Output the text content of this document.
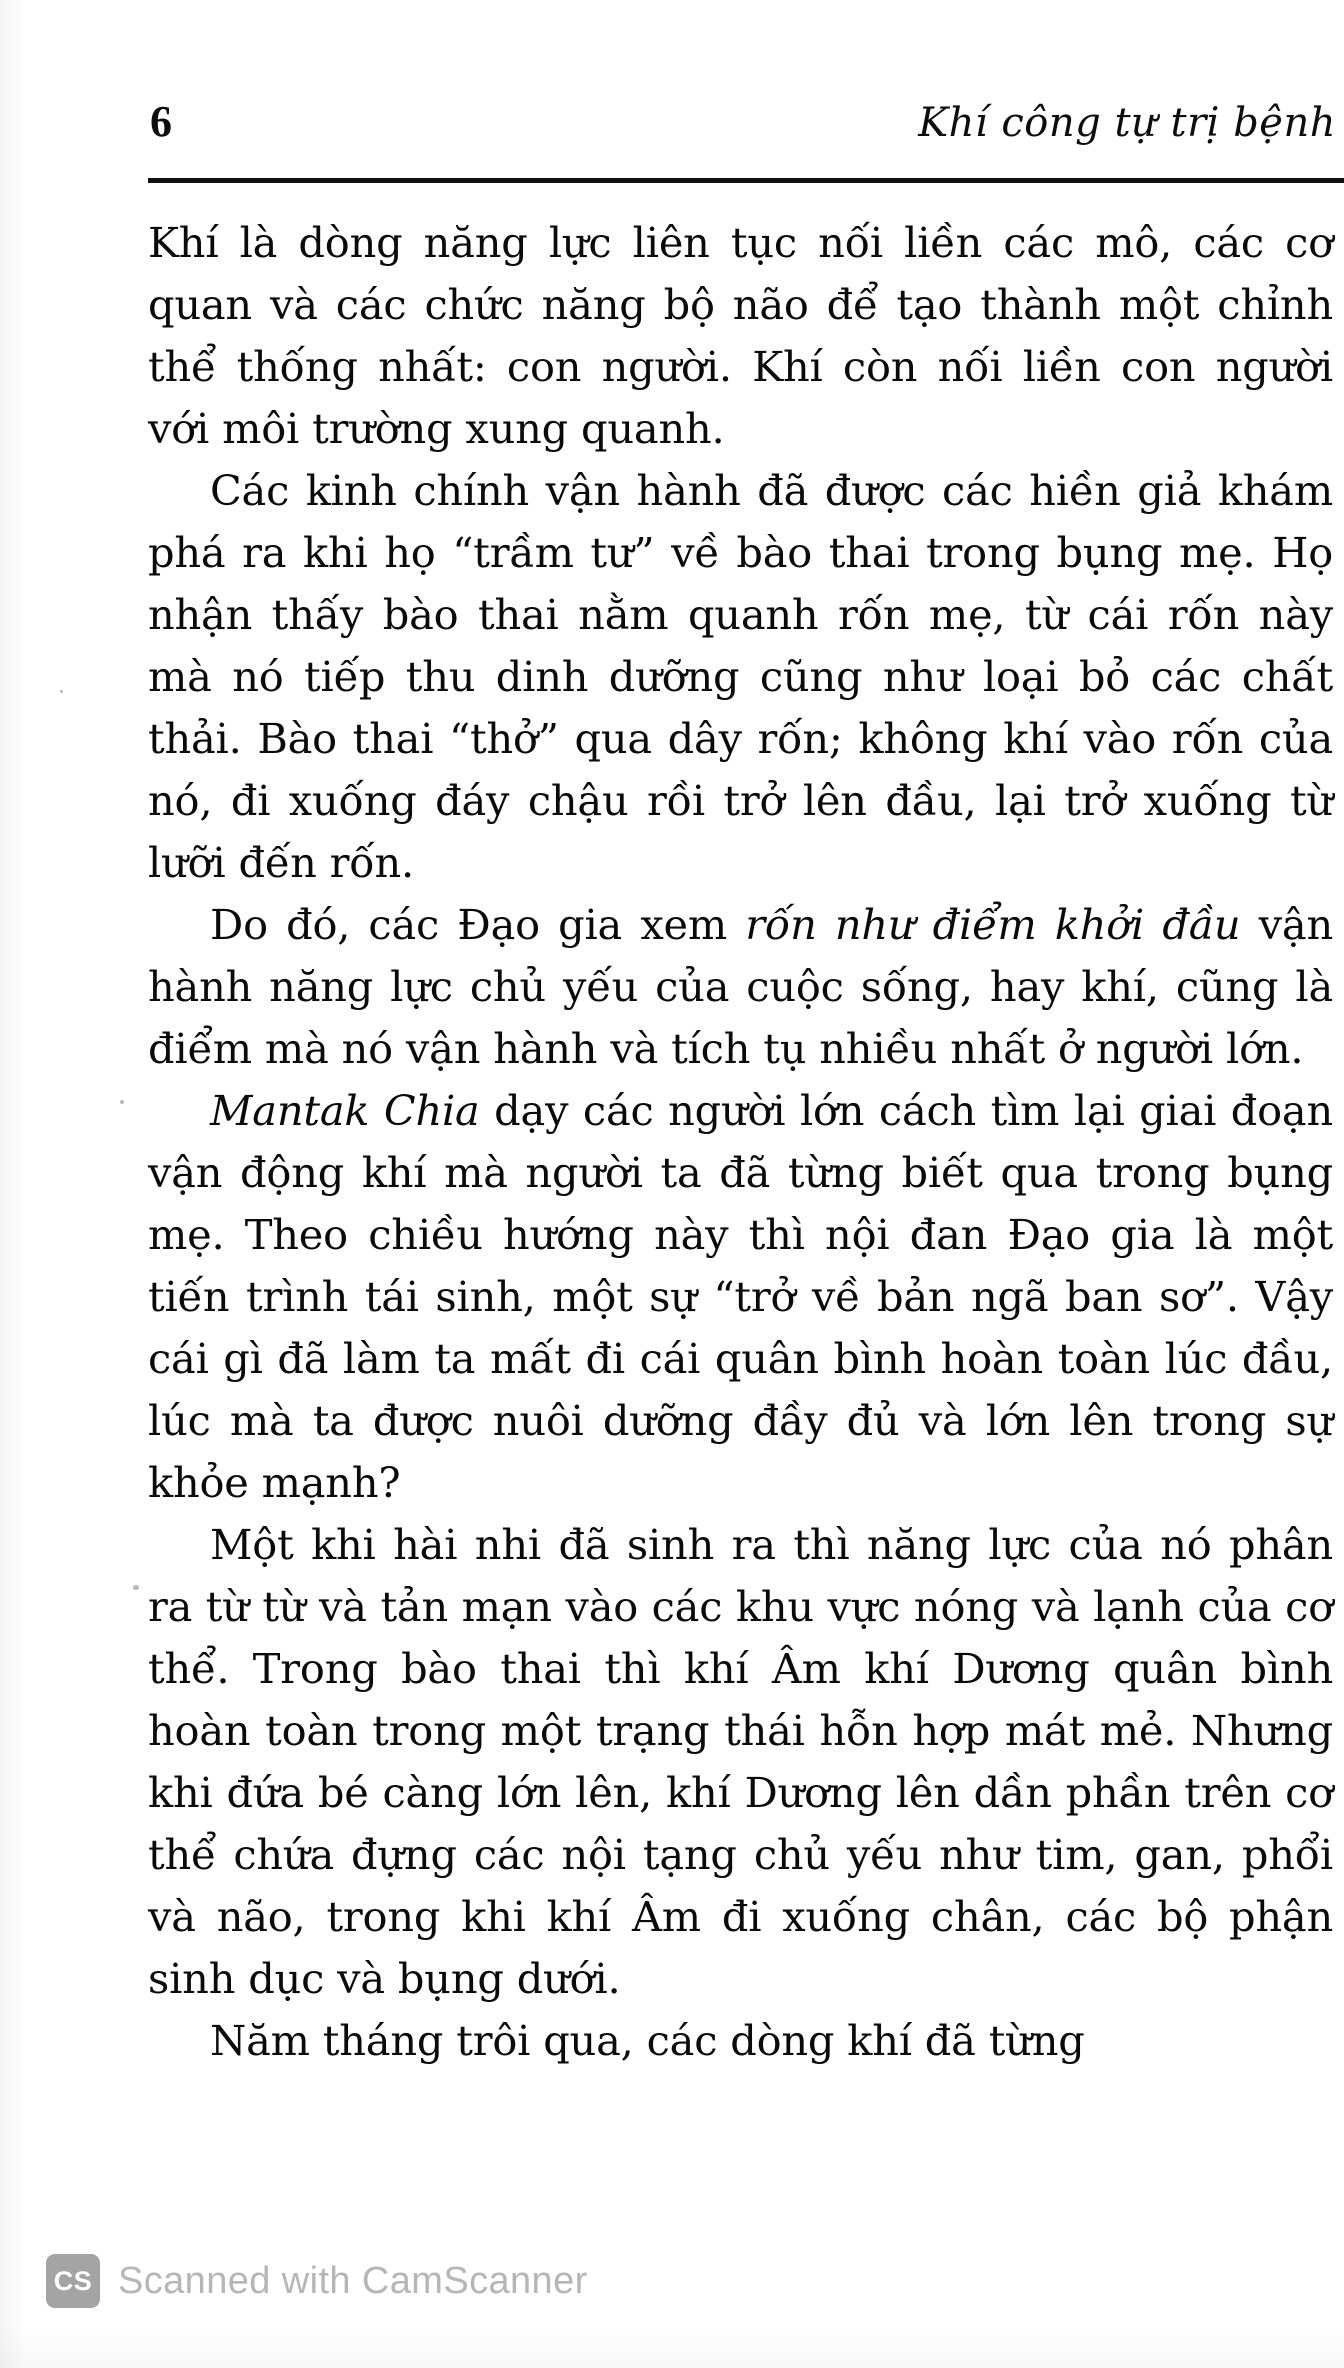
6	Khí công tự trị bệnh

Khí là dòng năng lực liên tục nối liền các mô, các cơ quan và các chức năng bộ não để tạo thành một chỉnh thể thống nhất: con người. Khí còn nối liền con người với môi trường xung quanh.

Các kinh chính vận hành đã được các hiền giả khám phá ra khi họ “trầm tư” về bào thai trong bụng mẹ. Họ nhận thấy bào thai nằm quanh rốn mẹ, từ cái rốn này mà nó tiếp thu dinh dưỡng cũng như loại bỏ các chất thải. Bào thai “thở” qua dây rốn; không khí vào rốn của nó, đi xuống đáy chậu rồi trở lên đầu, lại trở xuống từ lưỡi đến rốn.

Do đó, các Đạo gia xem rốn như điểm khởi đầu vận hành năng lực chủ yếu của cuộc sống, hay khí, cũng là điểm mà nó vận hành và tích tụ nhiều nhất ở người lớn.

Mantak Chia dạy các người lớn cách tìm lại giai đoạn vận động khí mà người ta đã từng biết qua trong bụng mẹ. Theo chiều hướng này thì nội đan Đạo gia là một tiến trình tái sinh, một sự “trở về bản ngã ban sơ”. Vậy cái gì đã làm ta mất đi cái quân bình hoàn toàn lúc đầu, lúc mà ta được nuôi dưỡng đầy đủ và lớn lên trong sự khỏe mạnh?

Một khi hài nhi đã sinh ra thì năng lực của nó phân ra từ từ và tản mạn vào các khu vực nóng và lạnh của cơ thể. Trong bào thai thì khí Âm khí Dương quân bình hoàn toàn trong một trạng thái hỗn hợp mát mẻ. Nhưng khi đứa bé càng lớn lên, khí Dương lên dần phần trên cơ thể chứa đựng các nội tạng chủ yếu như tim, gan, phổi và não, trong khi khí Âm đi xuống chân, các bộ phận sinh dục và bụng dưới.

Năm tháng trôi qua, các dòng khí đã từng

CS Scanned with CamScanner
